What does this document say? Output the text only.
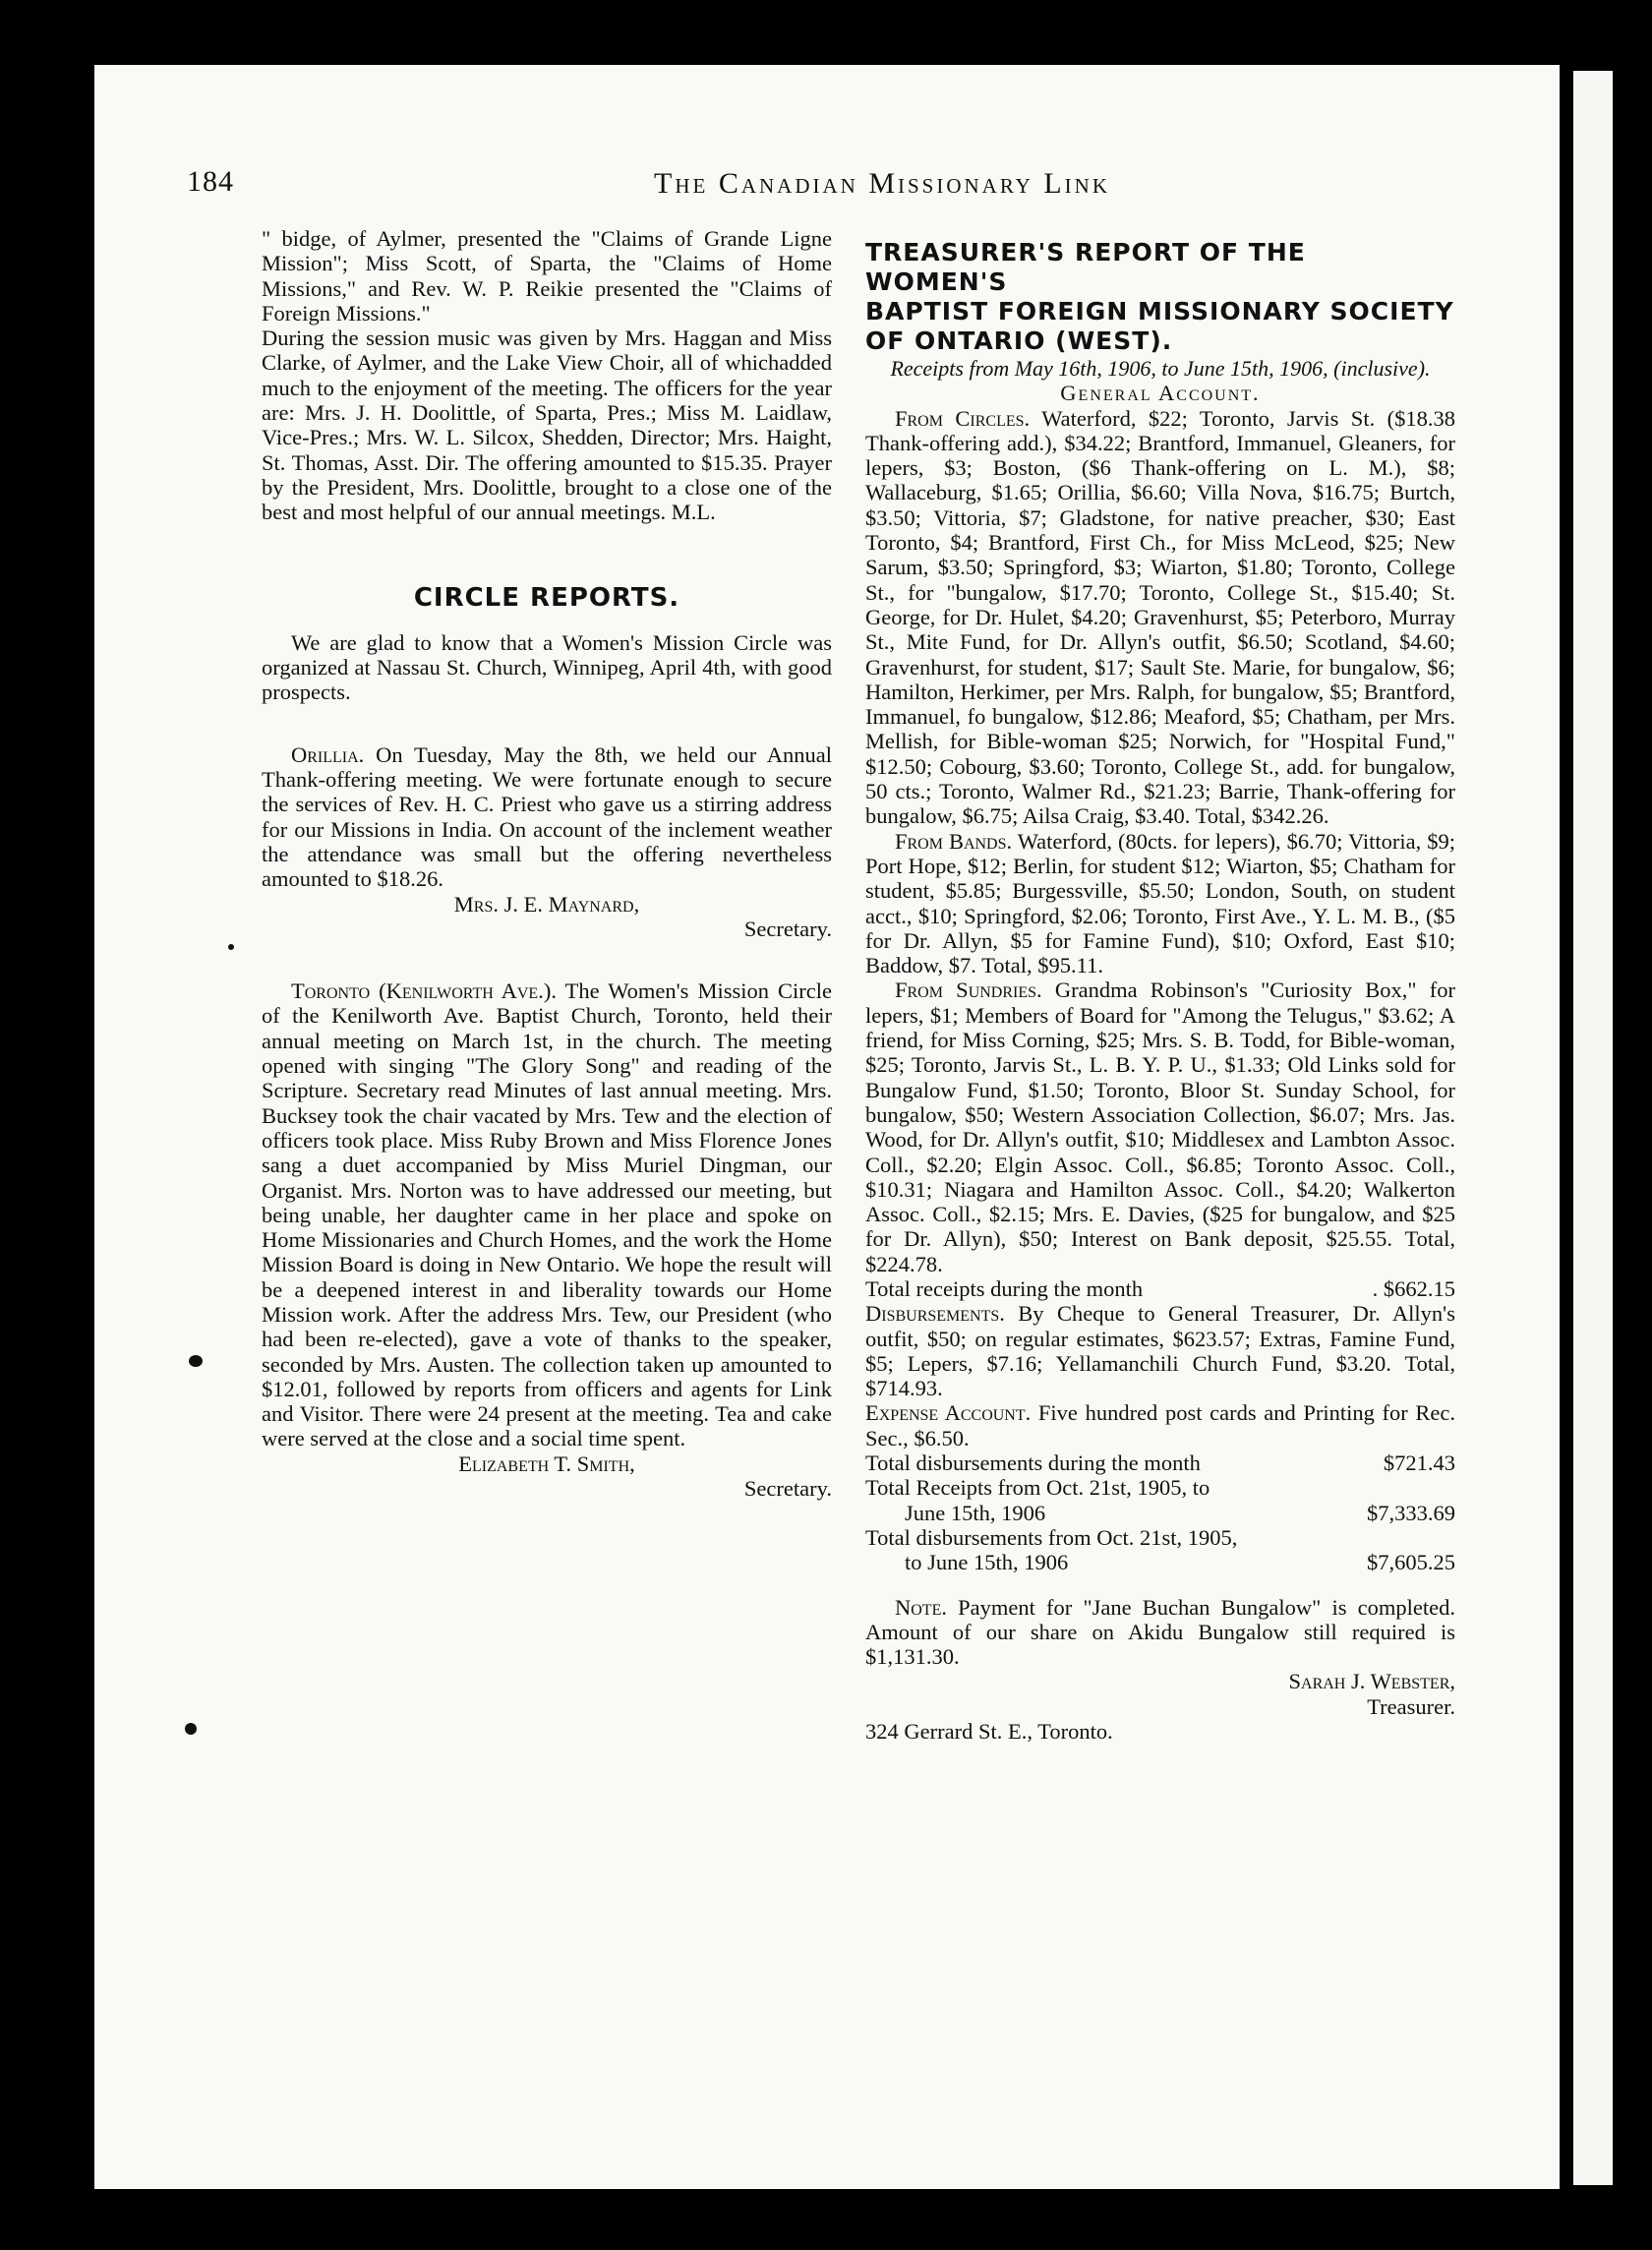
184	The Canadian Missionary Link

" bidge, of Aylmer, presented the "Claims of Grande Ligne Mission"; Miss Scott, of Sparta, the "Claims of Home Missions," and Rev. W. P. Reikie presented the "Claims of Foreign Missions."

During the session music was given by Mrs. Haggan and Miss Clarke, of Aylmer, and the Lake View Choir, all of whichadded much to the enjoyment of the meeting. The officers for the year are: Mrs. J. H. Doolittle, of Sparta, Pres.; Miss M. Laidlaw, Vice-Pres.; Mrs. W. L. Silcox, Shedden, Director; Mrs. Haight, St. Thomas, Asst. Dir. The offering amounted to $15.35. Prayer by the President, Mrs. Doolittle, brought to a close one of the best and most helpful of our annual meetings. M.L.

CIRCLE REPORTS.

We are glad to know that a Women's Mission Circle was organized at Nassau St. Church, Winnipeg, April 4th, with good prospects.

Orillia. On Tuesday, May the 8th, we held our Annual Thank-offering meeting. We were fortunate enough to secure the services of Rev. H. C. Priest who gave us a stirring address for our Missions in India. On account of the inclement weather the attendance was small but the offering nevertheless amounted to $18.26.

Mrs. J. E. Maynard,

Secretary.

Toronto (Kenilworth Ave.). The Women's Mission Circle of the Kenilworth Ave. Baptist Church, Toronto, held their annual meeting on March 1st, in the church. The meeting opened with singing "The Glory Song" and reading of the Scripture. Secretary read Minutes of last annual meeting. Mrs. Bucksey took the chair vacated by Mrs. Tew and the election of officers took place. Miss Ruby Brown and Miss Florence Jones sang a duet accompanied by Miss Muriel Dingman, our Organist. Mrs. Norton was to have addressed our meeting, but being unable, her daughter came in her place and spoke on Home Missionaries and Church Homes, and the work the Home Mission Board is doing in New Ontario. We hope the result will be a deepened interest in and liberality towards our Home Mission work. After the address Mrs. Tew, our President (who had been re-elected), gave a vote of thanks to the speaker, seconded by Mrs. Austen. The collection taken up amounted to $12.01, followed by reports from officers and agents for Link and Visitor. There were 24 present at the meeting. Tea and cake were served at the close and a social time spent.

Elizabeth T. Smith,

Secretary.

TREASURER'S REPORT OF THE WOMEN'S

BAPTIST FOREIGN MISSIONARY SOCIETY

OF ONTARIO (WEST).

Receipts from May 16th, 1906, to June 15th, 1906, (inclusive).

General Account.

From Circles. Waterford, $22; Toronto, Jarvis St. ($18.38 Thank-offering add.), $34.22; Brantford, Immanuel, Gleaners, for lepers, $3; Boston, ($6 Thank-offering on L. M.), $8; Wallaceburg, $1.65; Orillia, $6.60; Villa Nova, $16.75; Burtch, $3.50; Vittoria, $7; Gladstone, for native preacher, $30; East Toronto, $4; Brantford, First Ch., for Miss McLeod, $25; New Sarum, $3.50; Springford, $3; Wiarton, $1.80; Toronto, College St., for "bungalow, $17.70; Toronto, College St., $15.40; St. George, for Dr. Hulet, $4.20; Gravenhurst, $5; Peterboro, Murray St., Mite Fund, for Dr. Allyn's outfit, $6.50; Scotland, $4.60; Gravenhurst, for student, $17; Sault Ste. Marie, for bungalow, $6; Hamilton, Herkimer, per Mrs. Ralph, for bungalow, $5; Brantford, Immanuel, fo bungalow, $12.86; Meaford, $5; Chatham, per Mrs. Mellish, for Bible-woman $25; Norwich, for "Hospital Fund," $12.50; Cobourg, $3.60; Toronto, College St., add. for bungalow, 50 cts.; Toronto, Walmer Rd., $21.23; Barrie, Thank-offering for bungalow, $6.75; Ailsa Craig, $3.40. Total, $342.26.

From Bands. Waterford, (80cts. for lepers), $6.70; Vittoria, $9; Port Hope, $12; Berlin, for student $12; Wiarton, $5; Chatham for student, $5.85; Burgessville, $5.50; London, South, on student acct., $10; Springford, $2.06; Toronto, First Ave., Y. L. M. B., ($5 for Dr. Allyn, $5 for Famine Fund), $10; Oxford, East $10; Baddow, $7. Total, $95.11.

From Sundries. Grandma Robinson's "Curiosity Box," for lepers, $1; Members of Board for "Among the Telugus," $3.62; A friend, for Miss Corning, $25; Mrs. S. B. Todd, for Bible-woman, $25; Toronto, Jarvis St., L. B. Y. P. U., $1.33; Old Links sold for Bungalow Fund, $1.50; Toronto, Bloor St. Sunday School, for bungalow, $50; Western Association Collection, $6.07; Mrs. Jas. Wood, for Dr. Allyn's outfit, $10; Middlesex and Lambton Assoc. Coll., $2.20; Elgin Assoc. Coll., $6.85; Toronto Assoc. Coll., $10.31; Niagara and Hamilton Assoc. Coll., $4.20; Walkerton Assoc. Coll., $2.15; Mrs. E. Davies, ($25 for bungalow, and $25 for Dr. Allyn), $50; Interest on Bank deposit, $25.55. Total, $224.78.

Total receipts during the month	. $662.15

Disbursements. By Cheque to General Treasurer, Dr. Allyn's outfit, $50; on regular estimates, $623.57; Extras, Famine Fund, $5; Lepers, $7.16; Yellamanchili Church Fund, $3.20. Total, $714.93.

Expense Account. Five hundred post cards and Printing for Rec. Sec., $6.50.

Total disbursements during the month	$721.43

Total Receipts from Oct. 21st, 1905, to

June 15th, 1906	$7,333.69

Total disbursements from Oct. 21st, 1905,

to June 15th, 1906	$7,605.25

Note. Payment for "Jane Buchan Bungalow" is completed. Amount of our share on Akidu Bungalow still required is $1,131.30.

Sarah J. Webster,

Treasurer.

324 Gerrard St. E., Toronto.
